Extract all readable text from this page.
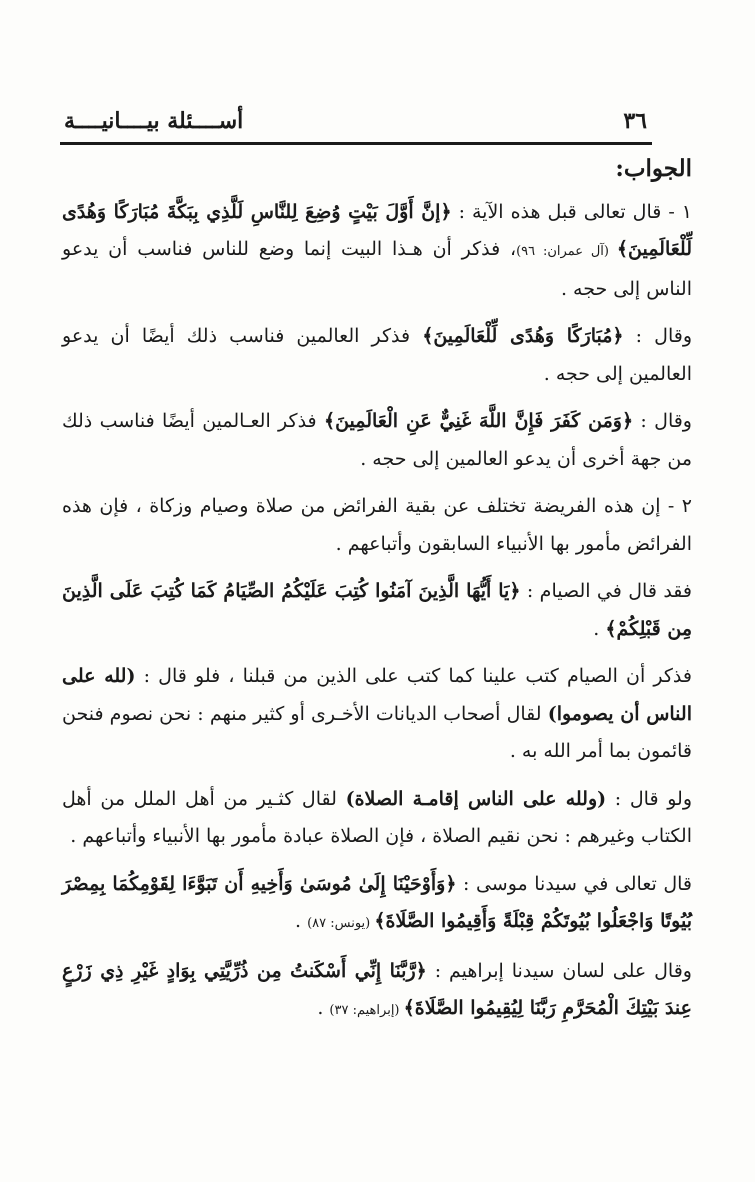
٣٦
أســــئلة بيــــانيــــة
الجواب:

١ - قال تعالى قبل هذه الآية : ﴿إنَّ أَوَّلَ بَيْتٍ وُضِعَ لِلنَّاسِ لَلَّذِي بِبَكَّةَ مُبَارَكًا وَهُدًى لِّلْعَالَمِينَ﴾ (آل عمران: ٩٦)، فذكر أن هـذا البيت إنما وضع للناس فناسب أن يدعو الناس إلى حجه .

وقال : ﴿مُبَارَكًا وَهُدًى لِّلْعَالَمِينَ﴾ فذكر العالمين فناسب ذلك أيضًا أن يدعو العالمين إلى حجه .

وقال : ﴿وَمَن كَفَرَ فَإِنَّ اللَّهَ غَنِيٌّ عَنِ الْعَالَمِينَ﴾ فذكر العـالمين أيضًا فناسب ذلك من جهة أخرى أن يدعو العالمين إلى حجه .

٢ - إن هذه الفريضة تختلف عن بقية الفرائض من صلاة وصيام وزكاة ، فإن هذه الفرائض مأمور بها الأنبياء السابقون وأتباعهم .

فقد قال في الصيام : ﴿يَا أَيُّهَا الَّذِينَ آمَنُوا كُتِبَ عَلَيْكُمُ الصِّيَامُ كَمَا كُتِبَ عَلَى الَّذِينَ مِن قَبْلِكُمْ﴾ .

فذكر أن الصيام كتب علينا كما كتب على الذين من قبلنا ، فلو قال : (لله على الناس أن يصوموا) لقال أصحاب الديانات الأخـرى أو كثير منهم : نحن نصوم فنحن قائمون بما أمر الله به .

ولو قال : (ولله على الناس إقامـة الصلاة) لقال كثـير من أهل الملل من أهل الكتاب وغيرهم : نحن نقيم الصلاة ، فإن الصلاة عبادة مأمور بها الأنبياء وأتباعهم .

قال تعالى في سيدنا موسى : ﴿وَأَوْحَيْنَا إِلَىٰ مُوسَىٰ وَأَخِيهِ أَن تَبَوَّءَا لِقَوْمِكُمَا بِمِصْرَ بُيُوتًا وَاجْعَلُوا بُيُوتَكُمْ قِبْلَةً وَأَقِيمُوا الصَّلَاةَ﴾ (يونس: ٨٧) .

وقال على لسان سيدنا إبراهيم : ﴿رَّبَّنَا إِنِّي أَسْكَنتُ مِن ذُرِّيَّتِي بِوَادٍ غَيْرِ ذِي زَرْعٍ عِندَ بَيْتِكَ الْمُحَرَّمِ رَبَّنَا لِيُقِيمُوا الصَّلَاةَ﴾ (إبراهيم: ٣٧) .
